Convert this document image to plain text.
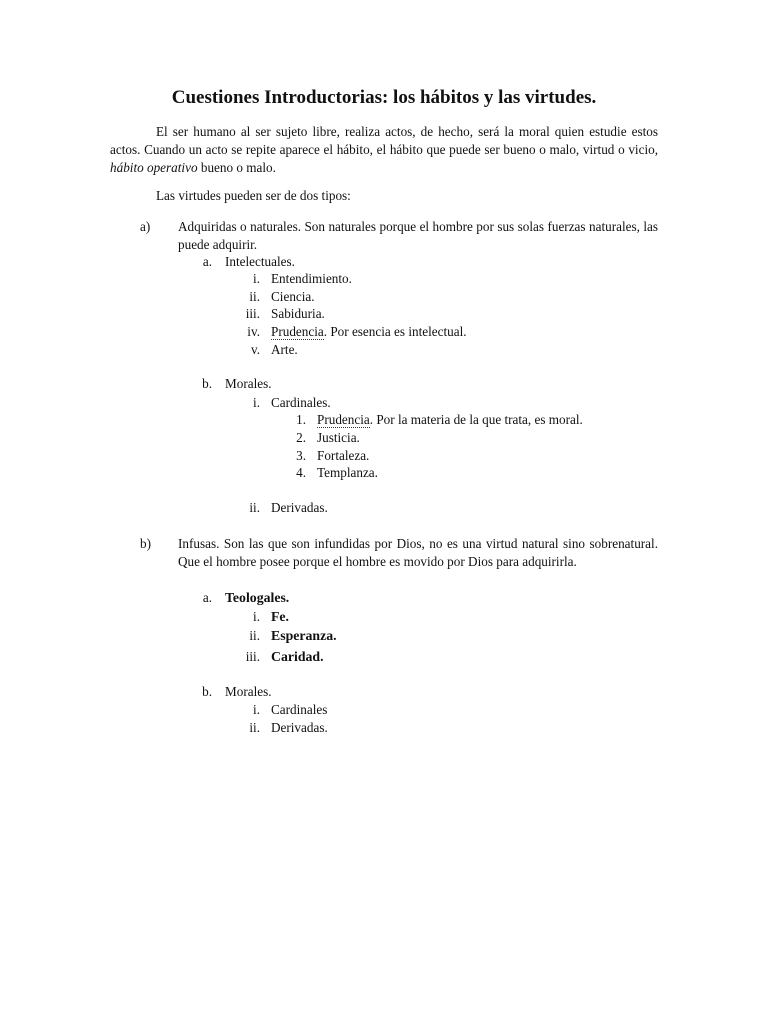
Cuestiones Introductorias: los hábitos y las virtudes.
El ser humano al ser sujeto libre, realiza actos, de hecho, será la moral quien estudie estos actos. Cuando un acto se repite aparece el hábito, el hábito que puede ser bueno o malo, virtud o vicio, hábito operativo bueno o malo.
Las virtudes pueden ser de dos tipos:
a)	Adquiridas o naturales. Son naturales porque el hombre por sus solas fuerzas naturales, las puede adquirir.
a. Intelectuales.
i. Entendimiento.
ii. Ciencia.
iii. Sabiduria.
iv. Prudencia. Por esencia es intelectual.
v. Arte.
b. Morales.
i. Cardinales.
1. Prudencia. Por la materia de la que trata, es moral.
2. Justicia.
3. Fortaleza.
4. Templanza.
ii. Derivadas.
b)	Infusas. Son las que son infundidas por Dios, no es una virtud natural sino sobrenatural. Que el hombre posee porque el hombre es movido por Dios para adquirirla.
a. Teologales.
i. Fe.
ii. Esperanza.
iii. Caridad.
b. Morales.
i. Cardinales
ii. Derivadas.
